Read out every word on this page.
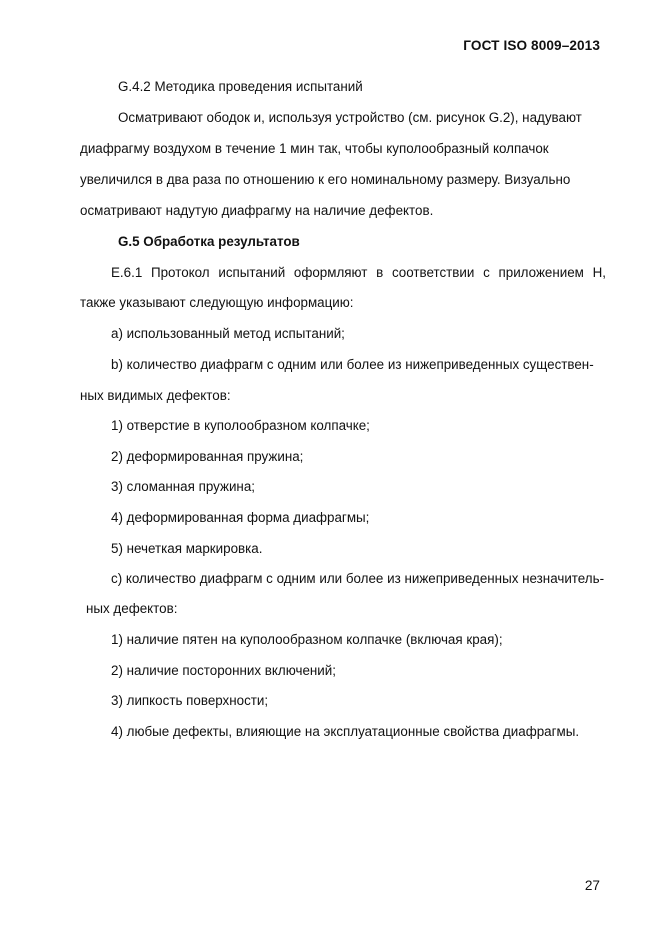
ГОСТ ISO 8009–2013
G.4.2 Методика проведения испытаний
Осматривают ободок и, используя устройство (см. рисунок G.2), надувают
диафрагму воздухом в течение 1 мин так, чтобы куполообразный колпачок
увеличился в два раза по отношению к его номинальному размеру. Визуально
осматривают надутую диафрагму на наличие дефектов.
G.5 Обработка результатов
Е.6.1 Протокол испытаний оформляют в соответствии с приложением Н,
также указывают следующую информацию:
а) использованный метод испытаний;
b) количество диафрагм с одним или более из нижеприведенных существен-
ных видимых дефектов:
1) отверстие в куполообразном колпачке;
2) деформированная пружина;
3) сломанная пружина;
4) деформированная форма диафрагмы;
5) нечеткая маркировка.
с) количество диафрагм с одним или более из нижеприведенных незначитель-
ных дефектов:
1) наличие пятен на куполообразном колпачке (включая края);
2) наличие посторонних включений;
3) липкость поверхности;
4) любые дефекты, влияющие на эксплуатационные свойства диафрагмы.
27
